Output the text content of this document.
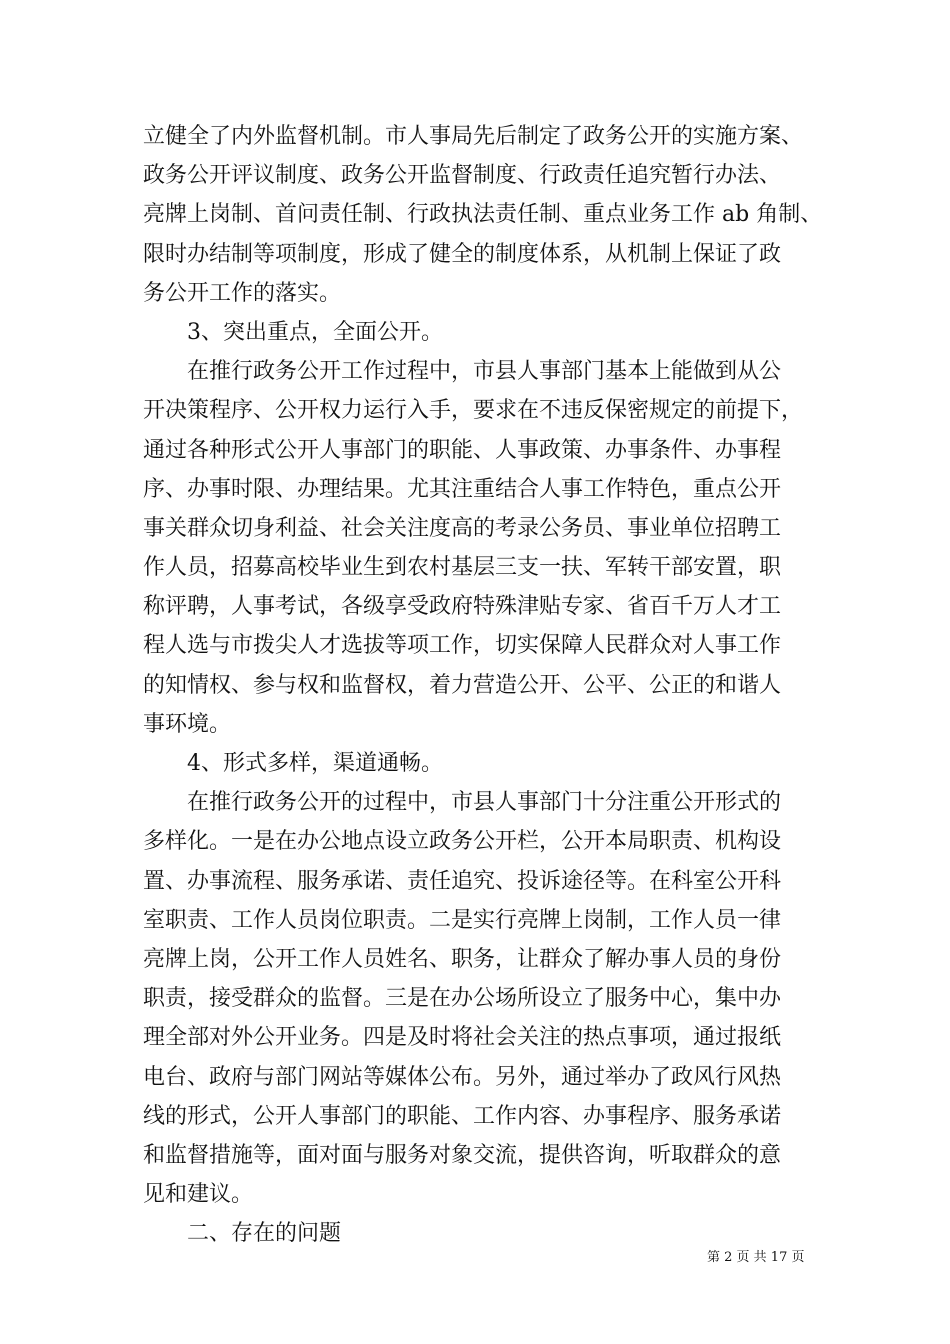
立健全了内外监督机制。市人事局先后制定了政务公开的实施方案、
政务公开评议制度、政务公开监督制度、行政责任追究暂行办法、
亮牌上岗制、首问责任制、行政执法责任制、重点业务工作 ab 角制、
限时办结制等项制度，形成了健全的制度体系，从机制上保证了政
务公开工作的落实。
3、突出重点，全面公开。
在推行政务公开工作过程中，市县人事部门基本上能做到从公
开决策程序、公开权力运行入手，要求在不违反保密规定的前提下，
通过各种形式公开人事部门的职能、人事政策、办事条件、办事程
序、办事时限、办理结果。尤其注重结合人事工作特色，重点公开
事关群众切身利益、社会关注度高的考录公务员、事业单位招聘工
作人员，招募高校毕业生到农村基层三支一扶、军转干部安置，职
称评聘，人事考试，各级享受政府特殊津贴专家、省百千万人才工
程人选与市拨尖人才选拔等项工作，切实保障人民群众对人事工作
的知情权、参与权和监督权，着力营造公开、公平、公正的和谐人
事环境。
4、形式多样，渠道通畅。
在推行政务公开的过程中，市县人事部门十分注重公开形式的
多样化。一是在办公地点设立政务公开栏，公开本局职责、机构设
置、办事流程、服务承诺、责任追究、投诉途径等。在科室公开科
室职责、工作人员岗位职责。二是实行亮牌上岗制，工作人员一律
亮牌上岗，公开工作人员姓名、职务，让群众了解办事人员的身份
职责，接受群众的监督。三是在办公场所设立了服务中心，集中办
理全部对外公开业务。四是及时将社会关注的热点事项，通过报纸
电台、政府与部门网站等媒体公布。另外，通过举办了政风行风热
线的形式，公开人事部门的职能、工作内容、办事程序、服务承诺
和监督措施等，面对面与服务对象交流，提供咨询，听取群众的意
见和建议。
二、存在的问题
第 2 页 共 17 页
